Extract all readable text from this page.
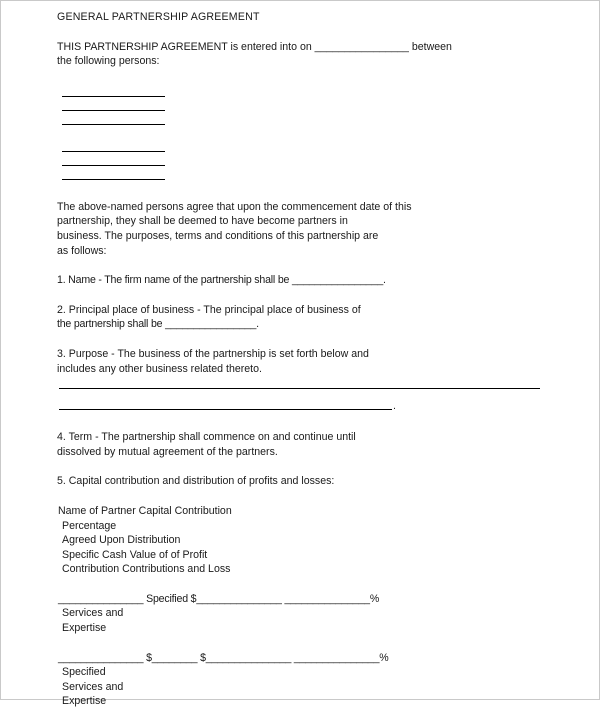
GENERAL PARTNERSHIP AGREEMENT
THIS PARTNERSHIP AGREEMENT is entered into on ________________ between
the following persons:
The above-named persons agree that upon the commencement date of this
partnership, they shall be deemed to have become partners in
business. The purposes, terms and conditions of this partnership are
as follows:
1. Name - The firm name of the partnership shall be ________________.
2. Principal place of business - The principal place of business of
the partnership shall be ________________.
3. Purpose - The business of the partnership is set forth below and
includes any other business related thereto.
.
4. Term - The partnership shall commence on and continue until
dissolved by mutual agreement of the partners.
5. Capital contribution and distribution of profits and losses:
Name of Partner Capital Contribution
Percentage
Agreed Upon Distribution
Specific Cash Value of of Profit
Contribution Contributions and Loss
_______________ Specified $_______________ _______________%
Services and
Expertise
_______________ $________ $_______________ _______________%
Specified
Services and
Expertise
